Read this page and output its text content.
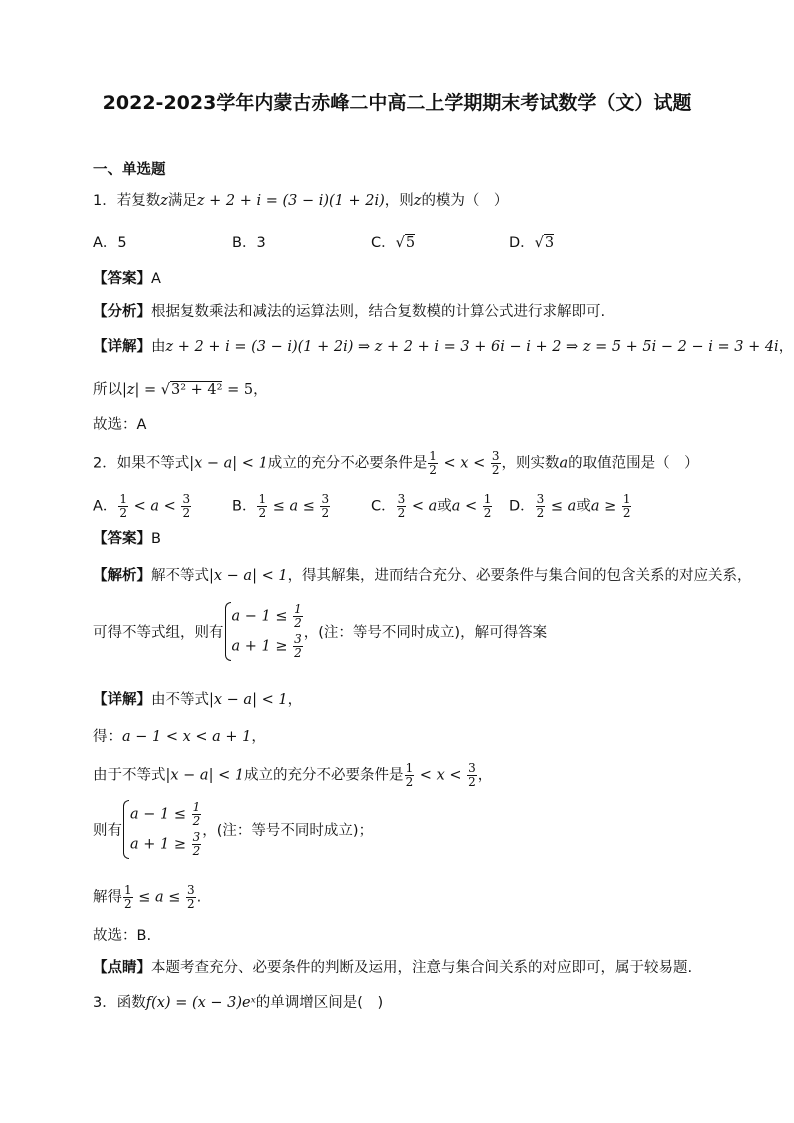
2022-2023学年内蒙古赤峰二中高二上学期期末考试数学（文）试题
一、单选题
1．若复数z满足z + 2 + i = (3 − i)(1 + 2i)，则z的模为（　）
A．5	B．3	C．√5	D．√3
【答案】A
【分析】根据复数乘法和减法的运算法则，结合复数模的计算公式进行求解即可.
【详解】由z + 2 + i = (3 − i)(1 + 2i) ⇒ z + 2 + i = 3 + 6i − i + 2 ⇒ z = 5 + 5i − 2 − i = 3 + 4i，
所以|z| = √3² + 4² = 5，
故选：A
2．如果不等式|x − a| < 1成立的充分不必要条件是 $\frac{1}{2} < x < \frac{3}{2}$ ，则实数a的取值范围是（　）
A． $\frac{1}{2} < a < \frac{3}{2}$	B． $\frac{1}{2} \le a \le \frac{3}{2}$	C． $\frac{3}{2} < a$或$a < \frac{1}{2}$ D． $\frac{3}{2} \le a$或$a \ge \frac{1}{2}$
【答案】B
【解析】解不等式|x − a| < 1，得其解集，进而结合充分、必要条件与集合间的包含关系的对应关系，
可得不等式组，则有
$a - 1 \le \frac{1}{2}$
$a + 1 \ge \frac{3}{2}$ ，(注：等号不同时成立)，解可得答案
【详解】由不等式|x − a| < 1，
得：a − 1 < x < a + 1，
由于不等式|x − a| < 1成立的充分不必要条件是 $\frac{1}{2} < x < \frac{3}{2}$ ，
则有
$a - 1 \le \frac{1}{2}$
$a + 1 \ge \frac{3}{2}$ ，(注：等号不同时成立)；
解得 $\frac{1}{2} \le a \le \frac{3}{2}$ .
故选：B.
【点睛】本题考查充分、必要条件的判断及运用，注意与集合间关系的对应即可，属于较易题.
3．函数f(x) = (x − 3)eˣ的单调增区间是(　)
